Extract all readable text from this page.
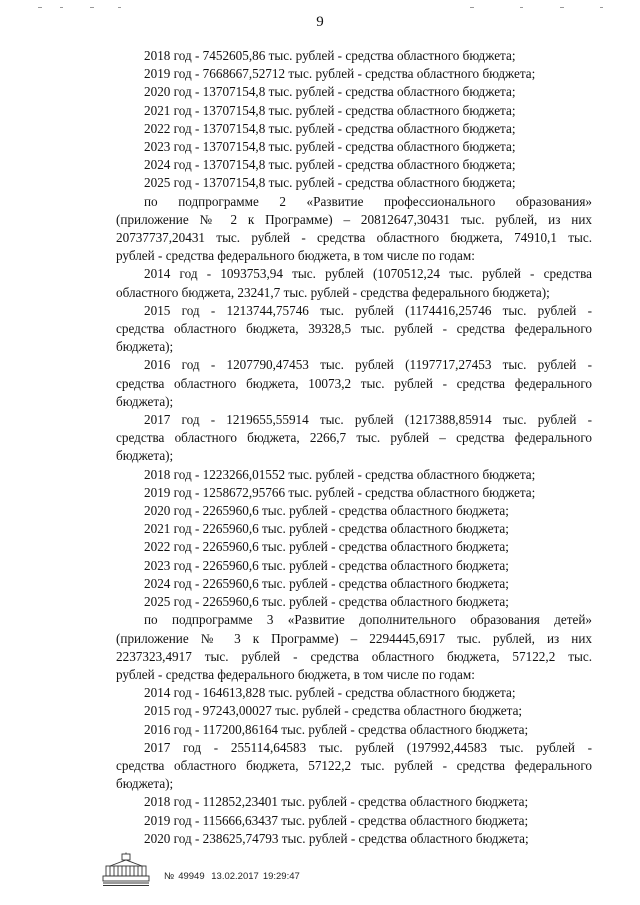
9
2018 год - 7452605,86 тыс. рублей - средства областного бюджета;
2019 год - 7668667,52712 тыс. рублей - средства областного бюджета;
2020 год - 13707154,8 тыс. рублей - средства областного бюджета;
2021 год - 13707154,8 тыс. рублей - средства областного бюджета;
2022 год - 13707154,8 тыс. рублей - средства областного бюджета;
2023 год - 13707154,8 тыс. рублей - средства областного бюджета;
2024 год - 13707154,8 тыс. рублей - средства областного бюджета;
2025 год - 13707154,8 тыс. рублей - средства областного бюджета;
по подпрограмме 2 «Развитие профессионального образования»
(приложение № 2 к Программе) – 20812647,30431 тыс. рублей, из них
20737737,20431 тыс. рублей - средства областного бюджета, 74910,1 тыс.
рублей - средства федерального бюджета, в том числе по годам:
2014 год - 1093753,94 тыс. рублей (1070512,24 тыс. рублей - средства
областного бюджета, 23241,7 тыс. рублей - средства федерального бюджета);
2015 год - 1213744,75746 тыс. рублей (1174416,25746 тыс. рублей -
средства областного бюджета, 39328,5 тыс. рублей - средства федерального
бюджета);
2016 год - 1207790,47453 тыс. рублей (1197717,27453 тыс. рублей -
средства областного бюджета, 10073,2 тыс. рублей - средства федерального
бюджета);
2017 год - 1219655,55914 тыс. рублей (1217388,85914 тыс. рублей -
средства областного бюджета, 2266,7 тыс. рублей – средства федерального
бюджета);
2018 год - 1223266,01552 тыс. рублей - средства областного бюджета;
2019 год - 1258672,95766 тыс. рублей - средства областного бюджета;
2020 год - 2265960,6 тыс. рублей - средства областного бюджета;
2021 год - 2265960,6 тыс. рублей - средства областного бюджета;
2022 год - 2265960,6 тыс. рублей - средства областного бюджета;
2023 год - 2265960,6 тыс. рублей - средства областного бюджета;
2024 год - 2265960,6 тыс. рублей - средства областного бюджета;
2025 год - 2265960,6 тыс. рублей - средства областного бюджета;
по подпрограмме 3 «Развитие дополнительного образования детей»
(приложение № 3 к Программе) – 2294445,6917 тыс. рублей, из них
2237323,4917 тыс. рублей - средства областного бюджета, 57122,2 тыс.
рублей - средства федерального бюджета, в том числе по годам:
2014 год - 164613,828 тыс. рублей - средства областного бюджета;
2015 год - 97243,00027 тыс. рублей - средства областного бюджета;
2016 год - 117200,86164 тыс. рублей - средства областного бюджета;
2017 год - 255114,64583 тыс. рублей (197992,44583 тыс. рублей -
средства областного бюджета, 57122,2 тыс. рублей - средства федерального
бюджета);
2018 год - 112852,23401 тыс. рублей - средства областного бюджета;
2019 год - 115666,63437 тыс. рублей - средства областного бюджета;
2020 год - 238625,74793 тыс. рублей - средства областного бюджета;
№ 49949 13.02.2017 19:29:47
